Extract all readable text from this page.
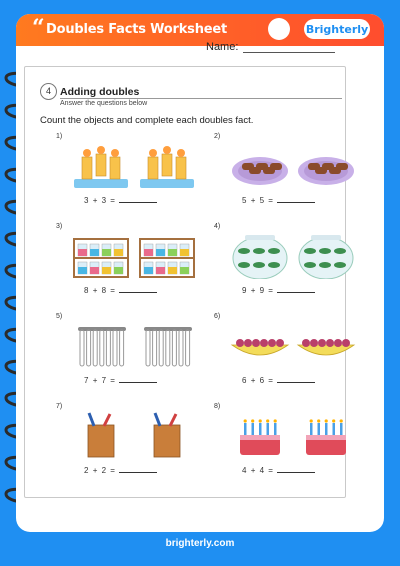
“ Doubles Facts Worksheet	Brighterly
Name:
4 Adding doubles
Answer the questions below
Count the objects and complete each doubles fact.
1)
3 + 3 =
2)
5 + 5 =
3)
8 + 8 =
4)
9 + 9 =
5)
7 + 7 =
6)
6 + 6 =
7)
2 + 2 =
8)
4 + 4 =
brighterly.com
